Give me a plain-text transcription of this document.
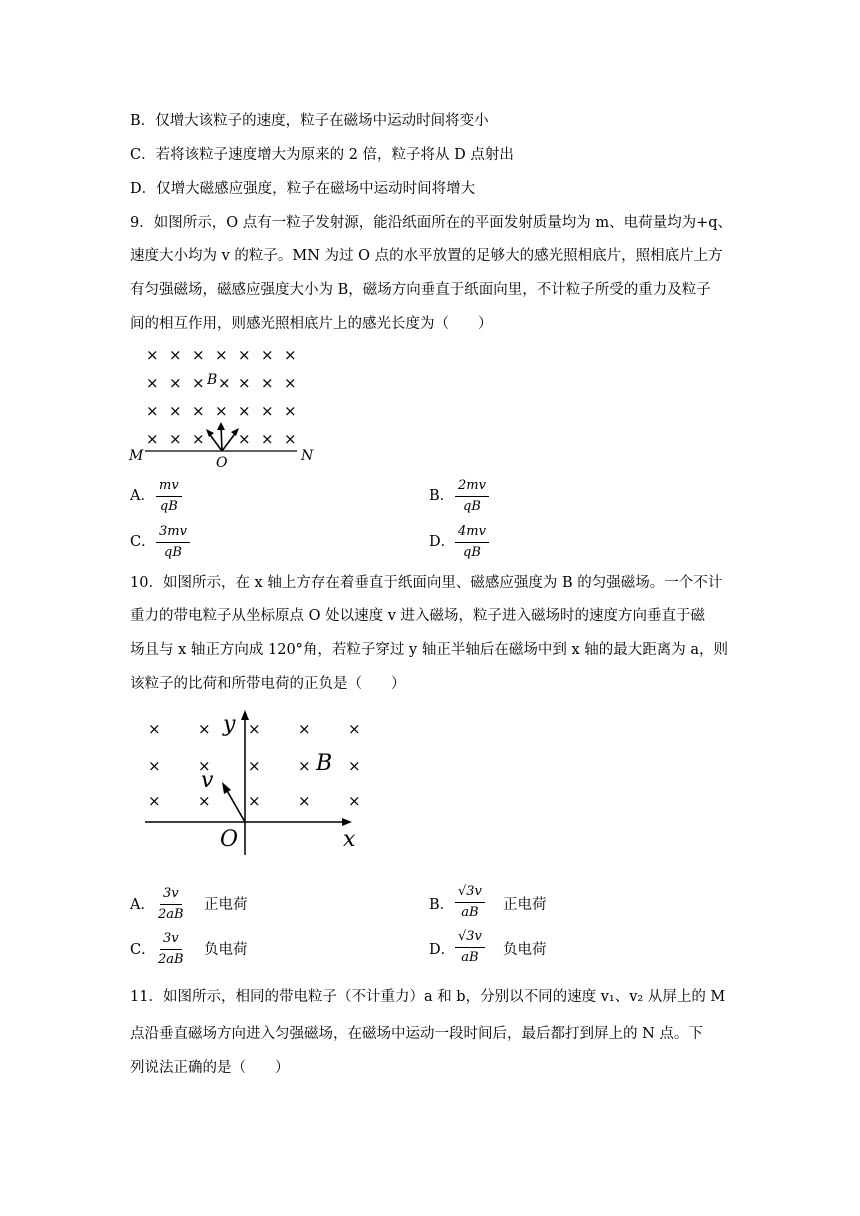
B．仅增大该粒子的速度，粒子在磁场中运动时间将变小
C．若将该粒子速度增大为原来的 2 倍，粒子将从 D 点射出
D．仅增大磁感应强度，粒子在磁场中运动时间将增大
9．如图所示，O 点有一粒子发射源，能沿纸面所在的平面发射质量均为 m、电荷量均为+q、
速度大小均为 v 的粒子。MN 为过 O 点的水平放置的足够大的感光照相底片，照相底片上方
有匀强磁场，磁感应强度大小为 B，磁场方向垂直于纸面向里，不计粒子所受的重力及粒子
间的相互作用，则感光照相底片上的感光长度为（　　）
× × × × × × ×
× × × × × × ×
× × × × × × ×
× × × × × ×
B
M	O	N
A． $\frac{mv}{qB}$	B． $\frac{2mv}{qB}$
C． $\frac{3mv}{qB}$	D． $\frac{4mv}{qB}$
10．如图所示，在 x 轴上方存在着垂直于纸面向里、磁感应强度为 B 的匀强磁场。一个不计
重力的带电粒子从坐标原点 O 处以速度 v 进入磁场，粒子进入磁场时的速度方向垂直于磁
场且与 x 轴正方向成 120°角，若粒子穿过 y 轴正半轴后在磁场中到 x 轴的最大距离为 a，则
该粒子的比荷和所带电荷的正负是（　　）
× × × × ×
× × × × ×
× × × × ×
y
v
B
O	x
A． $\frac{3v}{2aB}$ 正电荷	B． $\frac{√3v}{aB}$ 正电荷
C． $\frac{3v}{2aB}$ 负电荷	D． $\frac{√3v}{aB}$ 负电荷
11．如图所示，相同的带电粒子（不计重力）a 和 b，分别以不同的速度 v₁、v₂ 从屏上的 M
点沿垂直磁场方向进入匀强磁场，在磁场中运动一段时间后，最后都打到屏上的 N 点。下
列说法正确的是（　　）
